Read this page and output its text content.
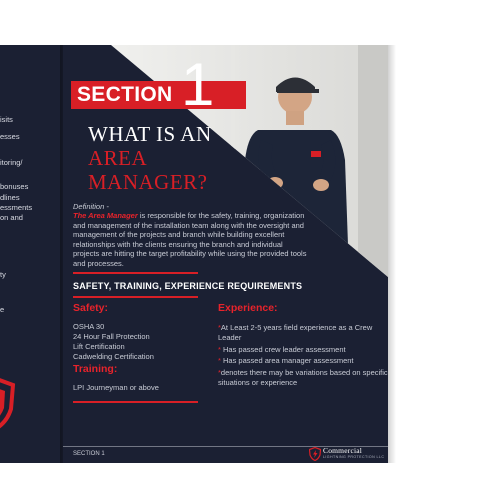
isits
esses
itoring/
bonuses
dlines
essments
on and
ty
e
SECTION 1
WHAT IS AN
AREA
MANAGER?
Definition -
The Area Manager is responsible for the safety, training, organization and management of the installation team along with the oversight and management of the projects and branch while building excellent relationships with the clients ensuring the branch and individual projects are hitting the target profitability while using the provided tools and processes.
SAFETY, TRAINING, EXPERIENCE REQUIREMENTS
Safety:
OSHA 30
24 Hour Fall Protection
Lift Certification
Cadwelding Certification
Training:
LPI Journeyman or above
Experience:
*At Least 2-5 years field experience as a Crew Leader
* Has passed crew leader assessment
* Has passed area manager assessment
*denotes there may be variations based on specific situations or experience
SECTION 1	Commercial
LIGHTNING PROTECTION LLC
